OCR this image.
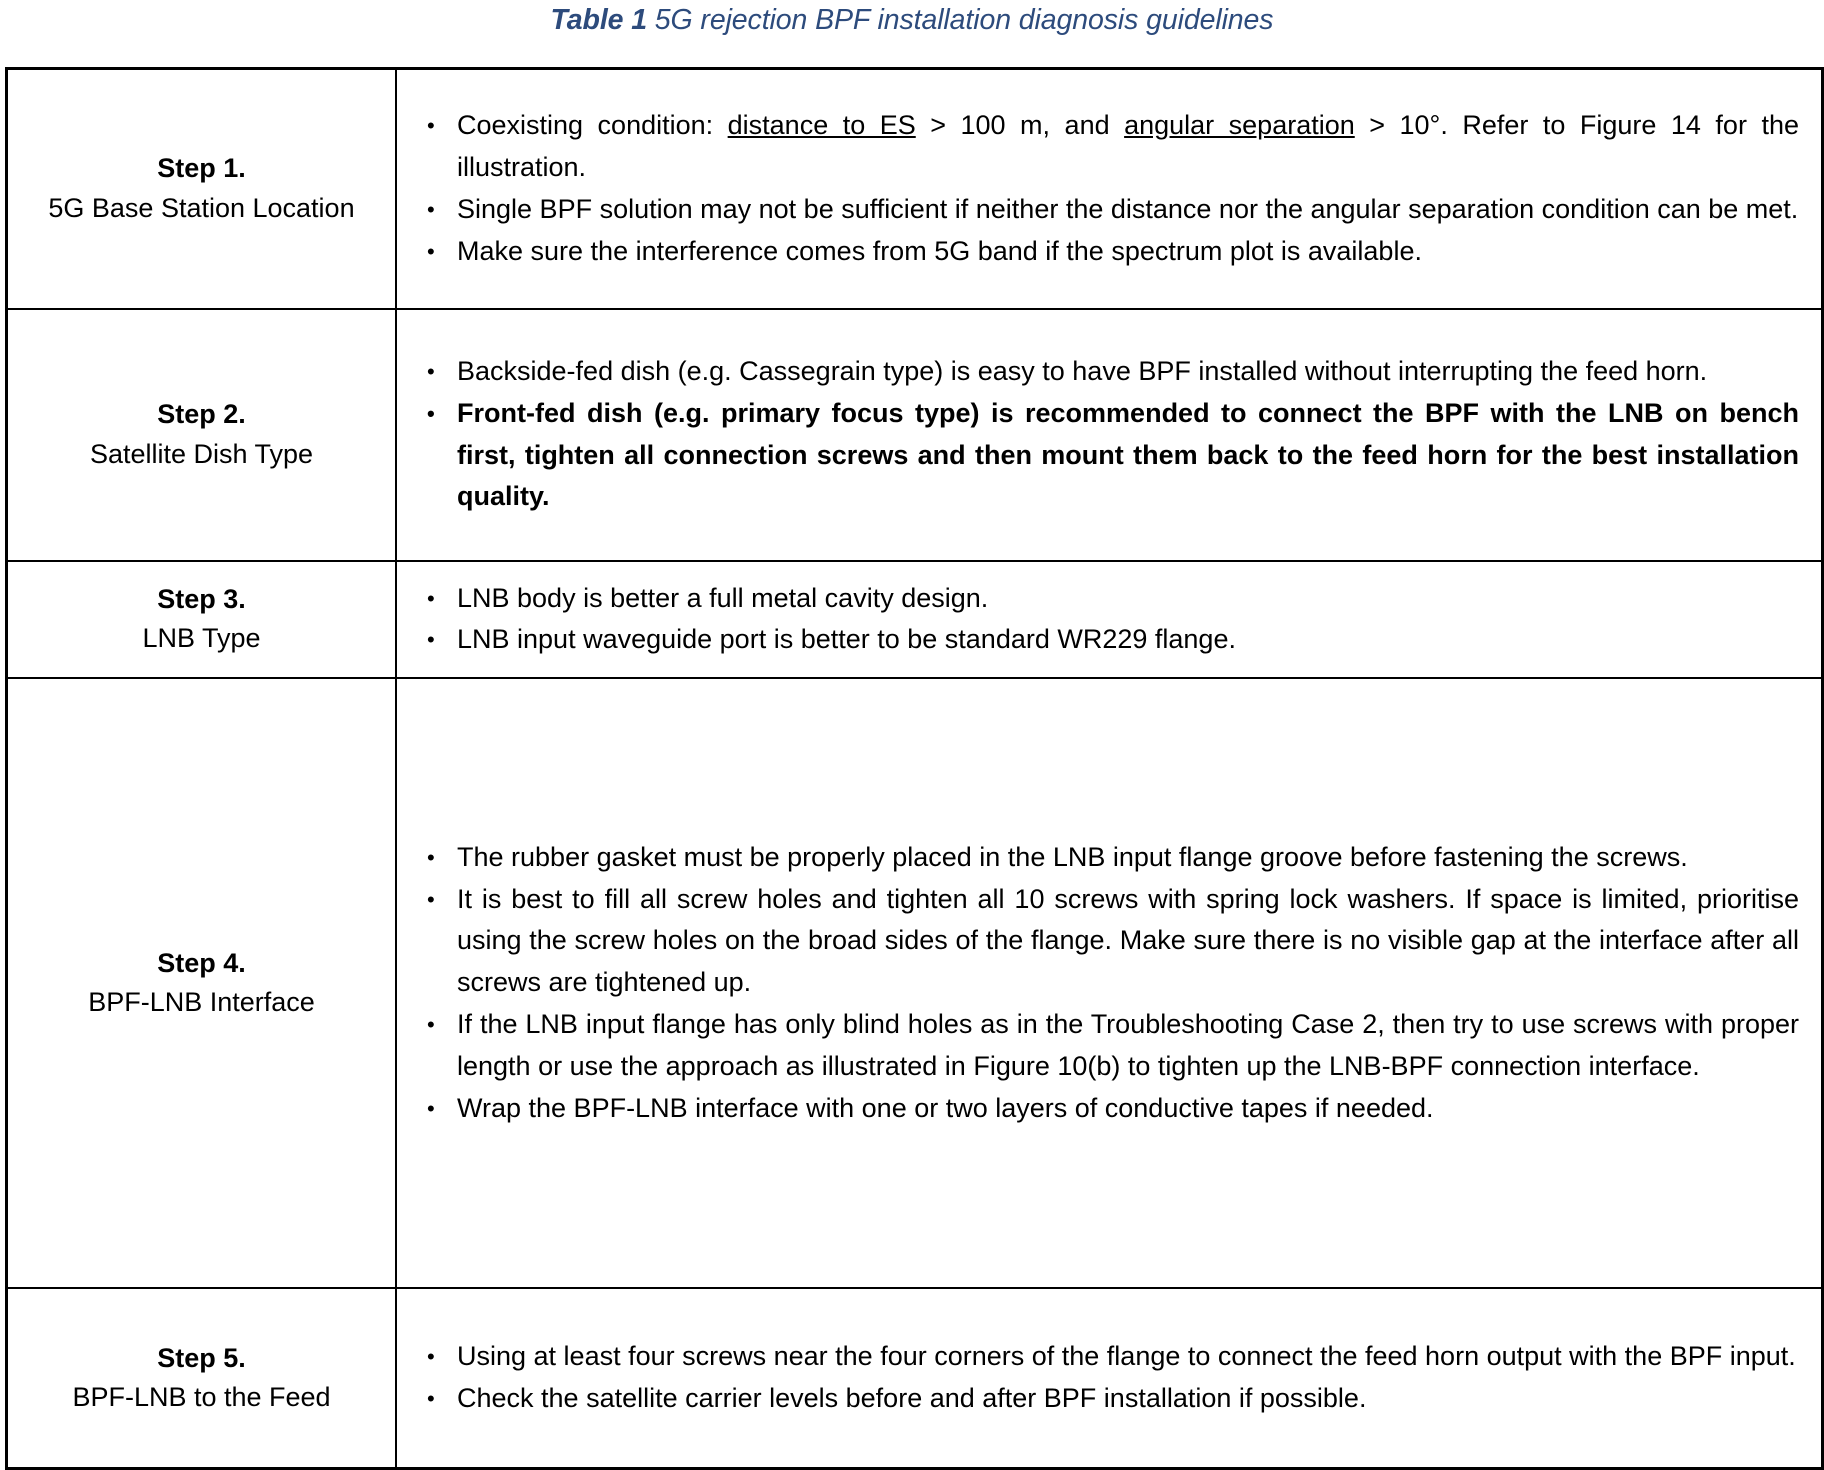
Table 1 5G rejection BPF installation diagnosis guidelines
Step 1.
5G Base Station Location

• Coexisting condition: distance to ES > 100 m, and angular separation > 10°. Refer to Figure 14 for the illustration.
• Single BPF solution may not be sufficient if neither the distance nor the angular separation condition can be met.
• Make sure the interference comes from 5G band if the spectrum plot is available.

Step 2.
Satellite Dish Type

• Backside-fed dish (e.g. Cassegrain type) is easy to have BPF installed without interrupting the feed horn.
• Front-fed dish (e.g. primary focus type) is recommended to connect the BPF with the LNB on bench first, tighten all connection screws and then mount them back to the feed horn for the best installation quality.

Step 3.
LNB Type

• LNB body is better a full metal cavity design.
• LNB input waveguide port is better to be standard WR229 flange.

Step 4.
BPF-LNB Interface

• The rubber gasket must be properly placed in the LNB input flange groove before fastening the screws.
• It is best to fill all screw holes and tighten all 10 screws with spring lock washers. If space is limited, prioritise using the screw holes on the broad sides of the flange. Make sure there is no visible gap at the interface after all screws are tightened up.
• If the LNB input flange has only blind holes as in the Troubleshooting Case 2, then try to use screws with proper length or use the approach as illustrated in Figure 10(b) to tighten up the LNB-BPF connection interface.
• Wrap the BPF-LNB interface with one or two layers of conductive tapes if needed.

Step 5.
BPF-LNB to the Feed

• Using at least four screws near the four corners of the flange to connect the feed horn output with the BPF input.
• Check the satellite carrier levels before and after BPF installation if possible.
